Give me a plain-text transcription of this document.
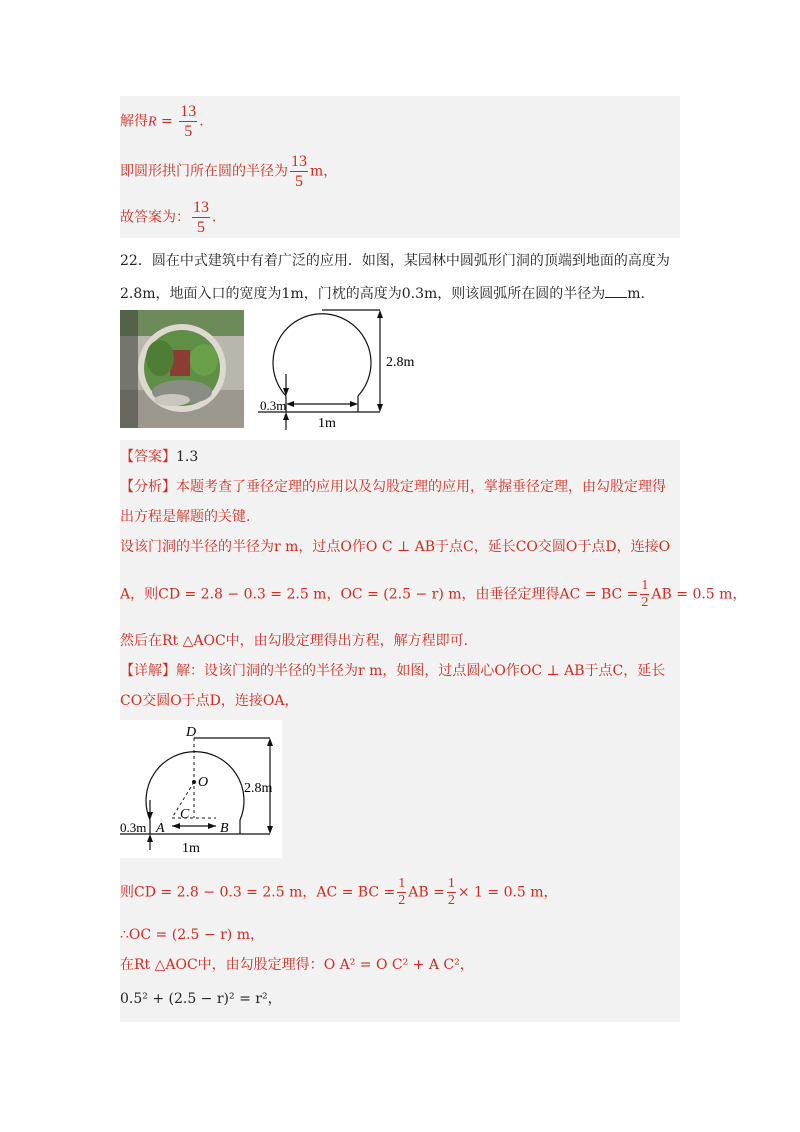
解得$R = \frac{13}{5}$ .
即圆形拱门所在圆的半径为 $\frac{13}{5}$ m，
故答案为： $\frac{13}{5}$ .
22．圆在中式建筑中有着广泛的应用．如图，某园林中圆弧形门洞的顶端到地面的高度为
2.8m，地面入口的宽度为1m，门枕的高度为0.3m，则该圆弧所在圆的半径为 m.
2.8m
0.3m
1m
【答案】1.3
【分析】本题考查了垂径定理的应用以及勾股定理的应用，掌握垂径定理，由勾股定理得
出方程是解题的关键.
设该门洞的半径的半径为r m，过点O作O C ⊥ AB于点C，延长CO交圆O于点D，连接O
A，则CD = 2.8 − 0.3 = 2.5 m，OC = (2.5 − r) m，由垂径定理得AC = BC = $\frac{1}{2}$ AB = 0.5 m，
然后在Rt △AOC中，由勾股定理得出方程，解方程即可.
【详解】解：设该门洞的半径的半径为r m，如图，过点圆心O作OC ⊥ AB于点C，延长
CO交圆O于点D，连接OA，
D
O
C
A	B
2.8m
0.3m
1m
则CD = 2.8 − 0.3 = 2.5 m，AC = BC = $\frac{1}{2}$ AB = $\frac{1}{2} \times 1 = 0.5$ m，
∴OC = (2.5 − r) m，
在Rt △AOC中，由勾股定理得：O A² = O C² + A C²，
0.5² + (2.5 − r)² = r²，
